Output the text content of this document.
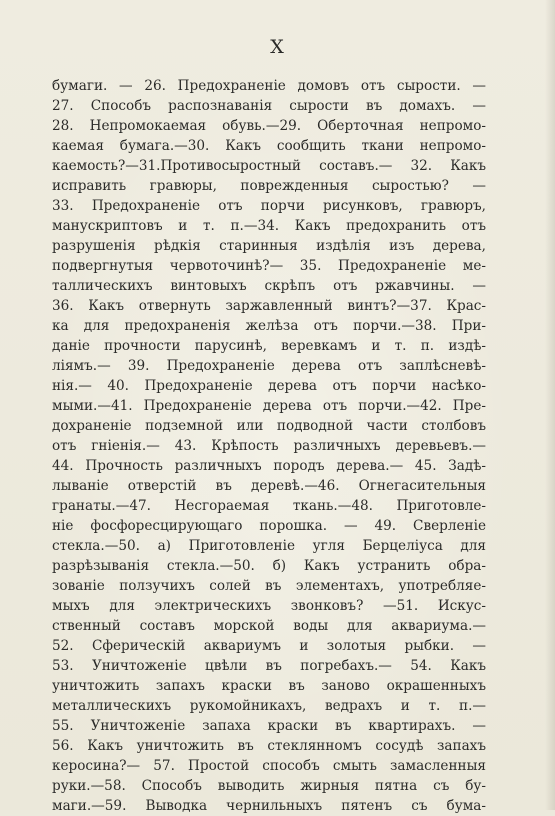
X
бумаги. — 26. Предохраненіе домовъ отъ сырости. —
27. Способъ распознаванія сырости въ домахъ. —
28. Непромокаемая обувь.—29. Оберточная непромо-
каемая бумага.—30. Какъ сообщить ткани непромо-
каемость?—31.Противосыростный составъ.— 32. Какъ
исправить гравюры, поврежденныя сыростью? —
33. Предохраненіе отъ порчи рисунковъ, гравюръ,
манускриптовъ и т. п.—34. Какъ предохранить отъ
разрушенія рѣдкія старинныя издѣлія изъ дерева,
подвергнутыя червоточинѣ?— 35. Предохраненіе ме-
таллическихъ винтовыхъ скрѣпъ отъ ржавчины. —
36. Какъ отвернуть заржавленный винтъ?—37. Крас-
ка для предохраненія желѣза отъ порчи.—38. При-
даніе прочности парусинѣ, веревкамъ и т. п. издѣ-
ліямъ.— 39. Предохраненіе дерева отъ заплѣсневѣ-
нія.— 40. Предохраненіе дерева отъ порчи насѣко-
мыми.—41. Предохраненіе дерева отъ порчи.—42. Пре-
дохраненіе подземной или подводной части столбовъ
отъ гніенія.— 43. Крѣпость различныхъ деревьевъ.—
44. Прочность различныхъ породъ дерева.— 45. Задѣ-
лываніе отверстій въ деревѣ.—46. Огнегасительныя
гранаты.—47. Несгораемая ткань.—48. Приготовле-
ніе фосфоресцирующаго порошка. — 49. Сверленіе
стекла.—50. а) Приготовленіе угля Берцеліуса для
разрѣзыванія стекла.—50. б) Какъ устранить обра-
зованіе ползучихъ солей въ элементахъ, употребляе-
мыхъ для электрическихъ звонковъ? —51. Искус-
ственный составъ морской воды для аквариума.—
52. Сферическій аквариумъ и золотыя рыбки. —
53. Уничтоженіе цвѣли въ погребахъ.— 54. Какъ
уничтожить запахъ краски въ заново окрашенныхъ
металлическихъ рукомойникахъ, ведрахъ и т. п.—
55. Уничтоженіе запаха краски въ квартирахъ. —
56. Какъ уничтожить въ стеклянномъ сосудѣ запахъ
керосина?— 57. Простой способъ смыть замасленныя
руки.—58. Способъ выводить жирныя пятна съ бу-
маги.—59. Выводка чернильныхъ пятенъ съ бума-
